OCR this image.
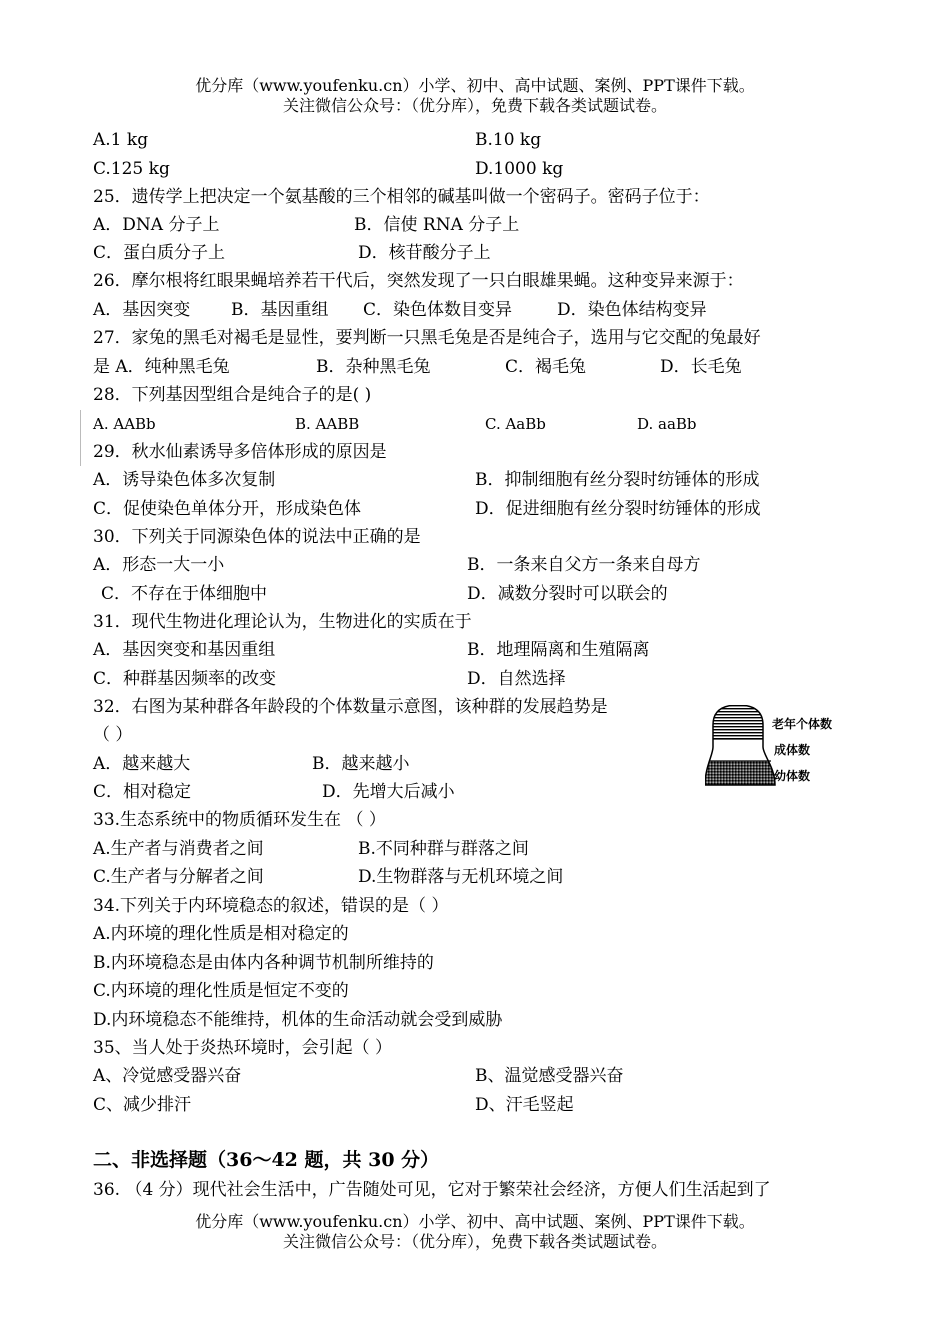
优分库（www.youfenku.cn）小学、初中、高中试题、案例、PPT课件下载。
关注微信公众号：（优分库），免费下载各类试题试卷。
A.1 kg	B.10 kg
C.125 kg	D.1000 kg
25．遗传学上把决定一个氨基酸的三个相邻的碱基叫做一个密码子。密码子位于：
A．DNA 分子上	B．信使 RNA 分子上
C．蛋白质分子上	D．核苷酸分子上
26．摩尔根将红眼果蝇培养若干代后，突然发现了一只白眼雄果蝇。这种变异来源于：
A．基因突变 B．基因重组 C．染色体数目变异	D．染色体结构变异
27．家兔的黑毛对褐毛是显性，要判断一只黑毛兔是否是纯合子，选用与它交配的兔最好
是 A．纯种黑毛兔	B．杂种黑毛兔	C．褐毛兔	D．长毛兔
28．下列基因型组合是纯合子的是( )
A. AABb	B. AABB	C. AaBb	D. aaBb
29．秋水仙素诱导多倍体形成的原因是
A．诱导染色体多次复制	B．抑制细胞有丝分裂时纺锤体的形成
C．促使染色单体分开，形成染色体	D．促进细胞有丝分裂时纺锤体的形成
30．下列关于同源染色体的说法中正确的是
A．形态一大一小	B．一条来自父方一条来自母方
C．不存在于体细胞中	D．减数分裂时可以联会的
31．现代生物进化理论认为，生物进化的实质在于
A．基因突变和基因重组	B．地理隔离和生殖隔离
C．种群基因频率的改变	D．自然选择
32．右图为某种群各年龄段的个体数量示意图，该种群的发展趋势是
（ ）
A．越来越大	B．越来越小
C．相对稳定	D．先增大后减小
老年个体数
成体数
幼体数
33.生态系统中的物质循环发生在 （ ）
A.生产者与消费者之间	B.不同种群与群落之间
C.生产者与分解者之间	D.生物群落与无机环境之间
34.下列关于内环境稳态的叙述，错误的是（ ）
A.内环境的理化性质是相对稳定的
B.内环境稳态是由体内各种调节机制所维持的
C.内环境的理化性质是恒定不变的
D.内环境稳态不能维持，机体的生命活动就会受到威胁
35、当人处于炎热环境时，会引起（ ）
A、冷觉感受器兴奋	B、温觉感受器兴奋
C、减少排汗	D、汗毛竖起
二、非选择题（36～42 题，共 30 分）
36. （4 分）现代社会生活中，广告随处可见，它对于繁荣社会经济，方便人们生活起到了
优分库（www.youfenku.cn）小学、初中、高中试题、案例、PPT课件下载。
关注微信公众号：（优分库），免费下载各类试题试卷。
